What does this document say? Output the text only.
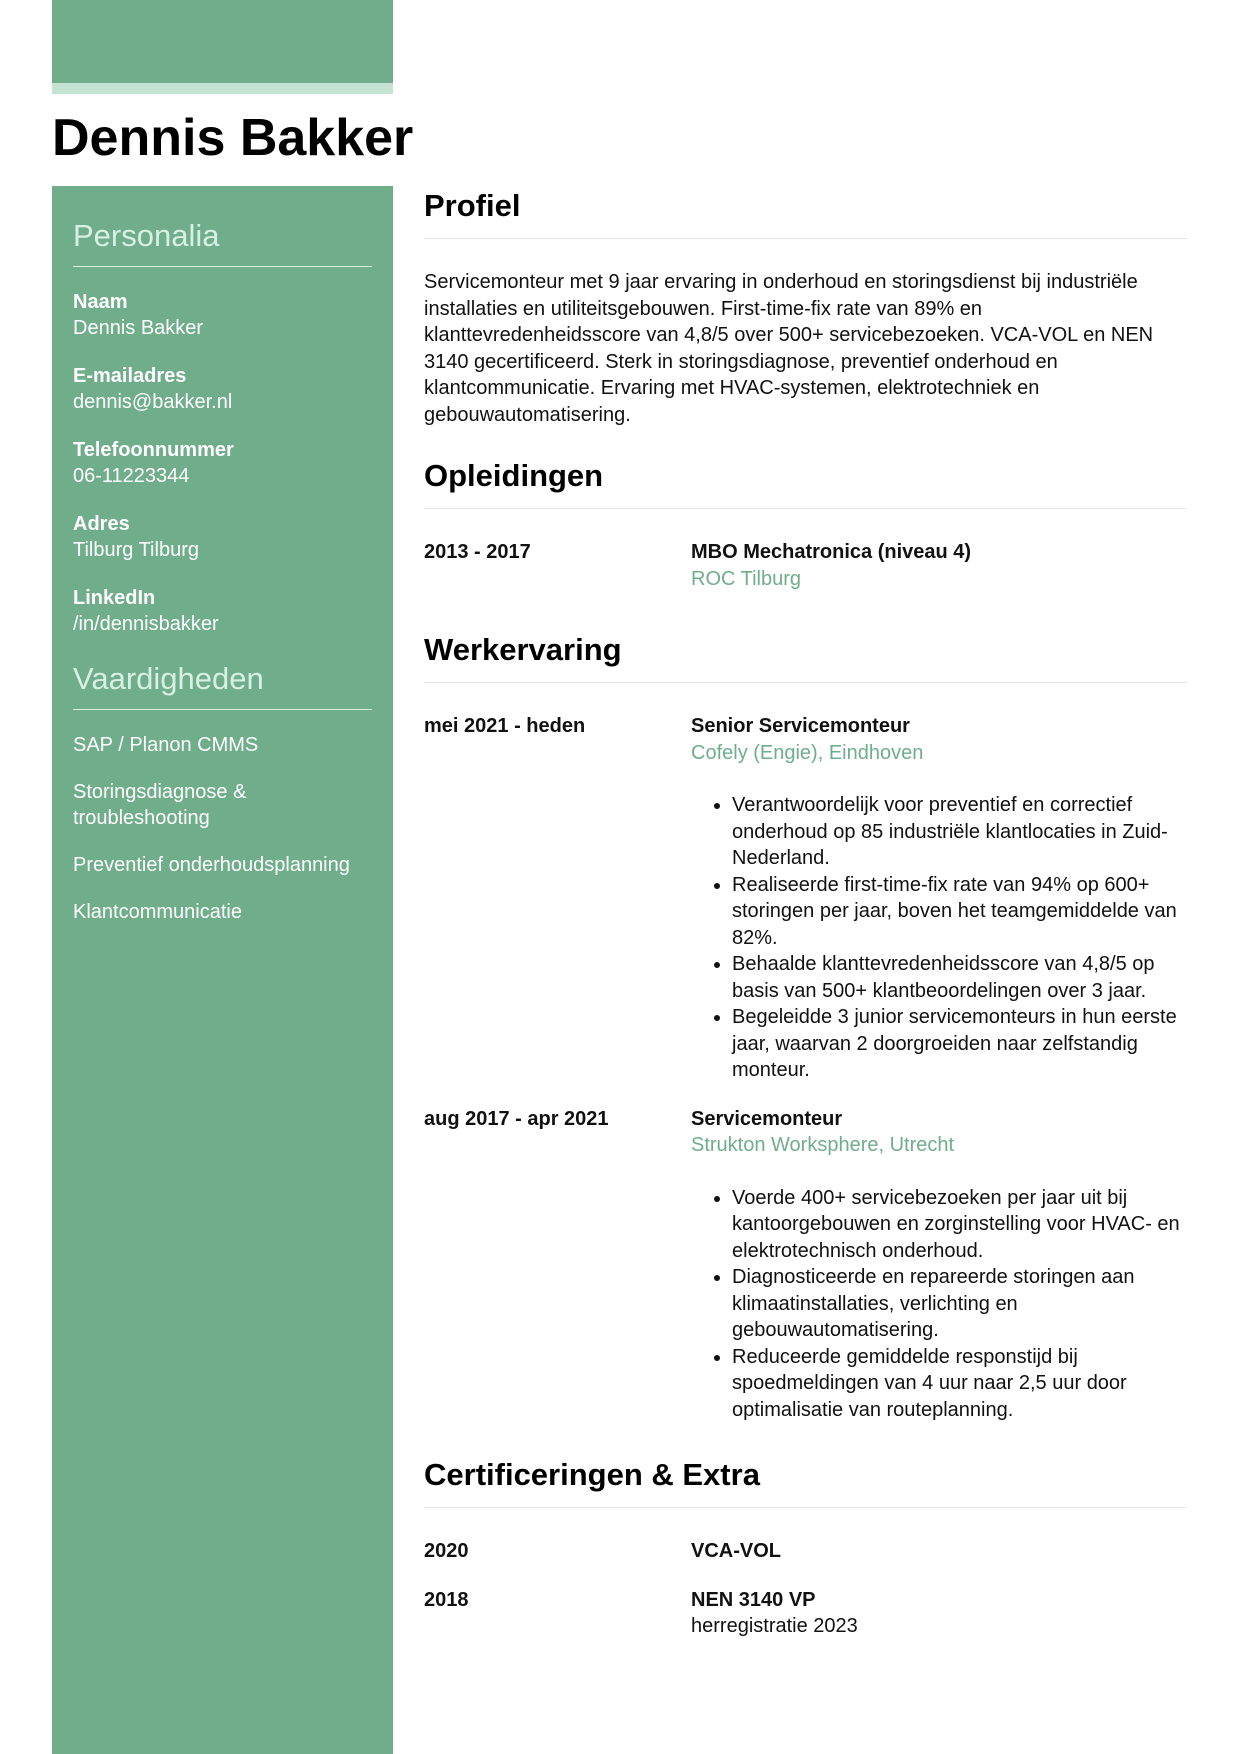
Dennis Bakker
Personalia
Naam
Dennis Bakker
E-mailadres
dennis@bakker.nl
Telefoonnummer
06-11223344
Adres
Tilburg Tilburg
LinkedIn
/in/dennisbakker
Vaardigheden
SAP / Planon CMMS
Storingsdiagnose & troubleshooting
Preventief onderhoudsplanning
Klantcommunicatie
Profiel

Servicemonteur met 9 jaar ervaring in onderhoud en storingsdienst bij industriële installaties en utiliteitsgebouwen. First-time-fix rate van 89% en klanttevredenheidsscore van 4,8/5 over 500+ servicebezoeken. VCA-VOL en NEN 3140 gecertificeerd. Sterk in storingsdiagnose, preventief onderhoud en klantcommunicatie. Ervaring met HVAC-systemen, elektrotechniek en gebouwautomatisering.

Opleidingen
2013 - 2017	MBO Mechatronica (niveau 4)
ROC Tilburg
Werkervaring
mei 2021 - heden	Senior Servicemonteur
Cofely (Engie), Eindhoven
• Verantwoordelijk voor preventief en correctief onderhoud op 85 industriële klantlocaties in Zuid-Nederland.
• Realiseerde first-time-fix rate van 94% op 600+ storingen per jaar, boven het teamgemiddelde van 82%.
• Behaalde klanttevredenheidsscore van 4,8/5 op basis van 500+ klantbeoordelingen over 3 jaar.
• Begeleidde 3 junior servicemonteurs in hun eerste jaar, waarvan 2 doorgroeiden naar zelfstandig monteur.
aug 2017 - apr 2021	Servicemonteur
Strukton Worksphere, Utrecht
• Voerde 400+ servicebezoeken per jaar uit bij kantoorgebouwen en zorginstelling voor HVAC- en elektrotechnisch onderhoud.
• Diagnosticeerde en repareerde storingen aan klimaatinstallaties, verlichting en gebouwautomatisering.
• Reduceerde gemiddelde responstijd bij spoedmeldingen van 4 uur naar 2,5 uur door optimalisatie van routeplanning.
Certificeringen & Extra
2020	VCA-VOL
2018	NEN 3140 VP
herregistratie 2023
